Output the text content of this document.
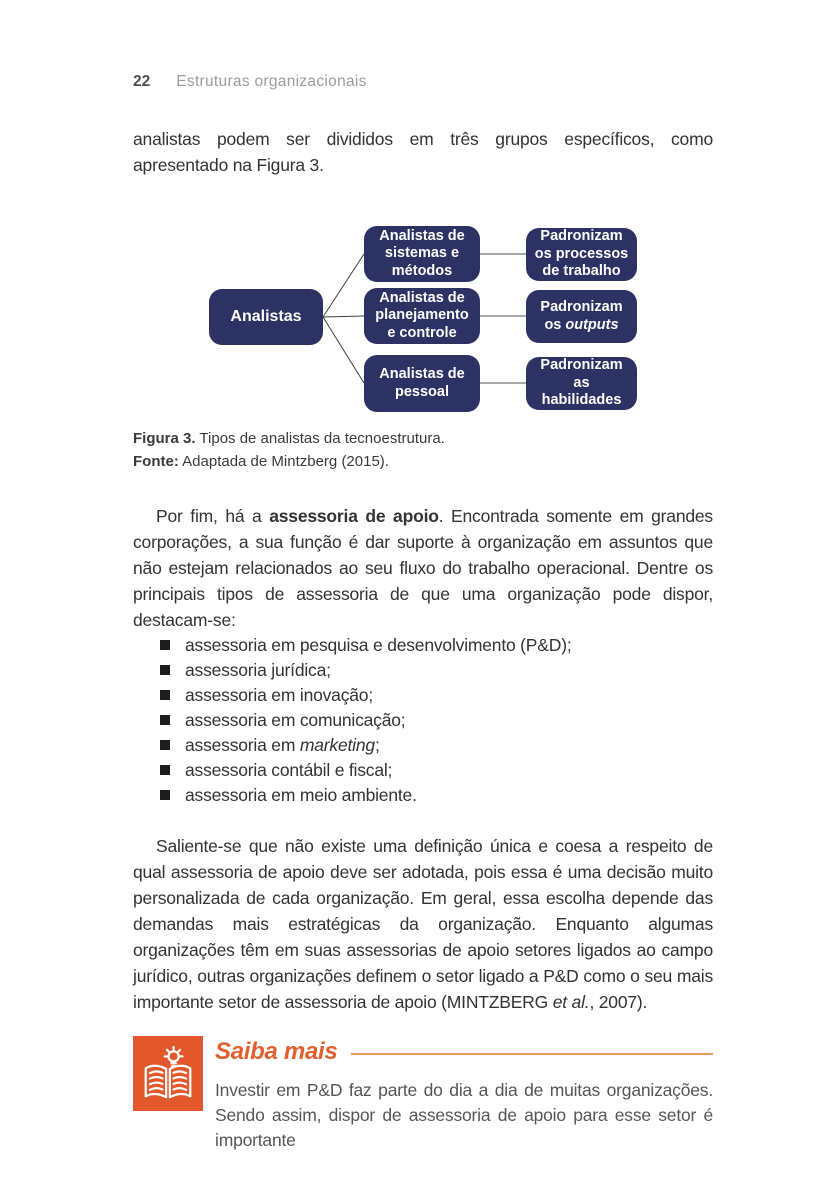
22 Estruturas organizacionais

analistas podem ser divididos em três grupos específicos, como apresentado na Figura 3.

Analistas
Analistas de sistemas e métodos
Analistas de planejamento e controle
Analistas de pessoal
Padronizam os processos de trabalho
Padronizam os outputs
Padronizam as habilidades

Figura 3. Tipos de analistas da tecnoestrutura.

Fonte: Adaptada de Mintzberg (2015).

Por fim, há a assessoria de apoio. Encontrada somente em grandes corporações, a sua função é dar suporte à organização em assuntos que não estejam relacionados ao seu fluxo do trabalho operacional. Dentre os principais tipos de assessoria de que uma organização pode dispor, destacam-se:

assessoria em pesquisa e desenvolvimento (P&D);
assessoria jurídica;
assessoria em inovação;
assessoria em comunicação;
assessoria em marketing;
assessoria contábil e fiscal;
assessoria em meio ambiente.

Saliente-se que não existe uma definição única e coesa a respeito de qual assessoria de apoio deve ser adotada, pois essa é uma decisão muito personalizada de cada organização. Em geral, essa escolha depende das demandas mais estratégicas da organização. Enquanto algumas organizações têm em suas assessorias de apoio setores ligados ao campo jurídico, outras organizações definem o setor ligado a P&D como o seu mais importante setor de assessoria de apoio (MINTZBERG et al., 2007).

Saiba mais

Investir em P&D faz parte do dia a dia de muitas organizações. Sendo assim, dispor de assessoria de apoio para esse setor é importante
